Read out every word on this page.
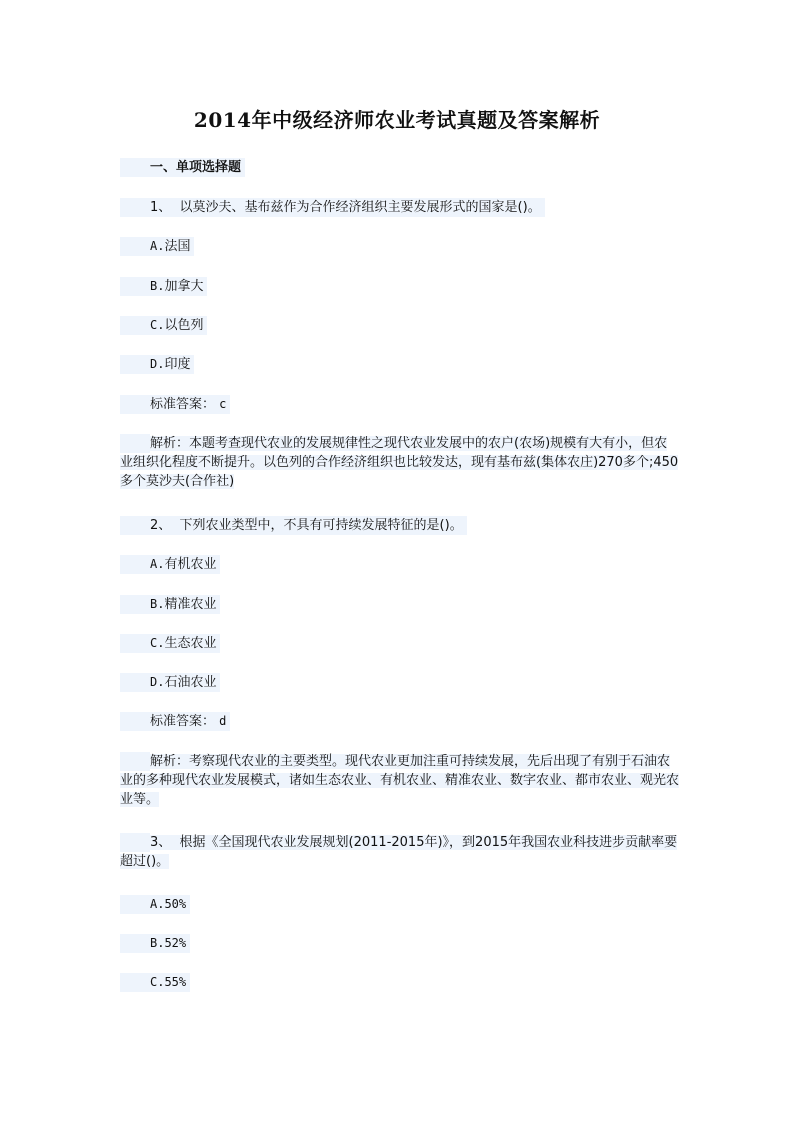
2014年中级经济师农业考试真题及答案解析
一、单项选择题
1、 以莫沙夫、基布兹作为合作经济组织主要发展形式的国家是()。
A.法国
B.加拿大
C.以色列
D.印度
标准答案： c
解析：本题考查现代农业的发展规律性之现代农业发展中的农户(农场)规模有大有小，但农业组织化程度不断提升。以色列的合作经济组织也比较发达，现有基布兹(集体农庄)270多个;450多个莫沙夫(合作社)
2、 下列农业类型中，不具有可持续发展特征的是()。
A.有机农业
B.精准农业
C.生态农业
D.石油农业
标准答案： d
解析：考察现代农业的主要类型。现代农业更加注重可持续发展，先后出现了有别于石油农业的多种现代农业发展模式，诸如生态农业、有机农业、精准农业、数字农业、都市农业、观光农业等。
3、 根据《全国现代农业发展规划(2011-2015年)》，到2015年我国农业科技进步贡献率要超过()。
A.50%
B.52%
C.55%
